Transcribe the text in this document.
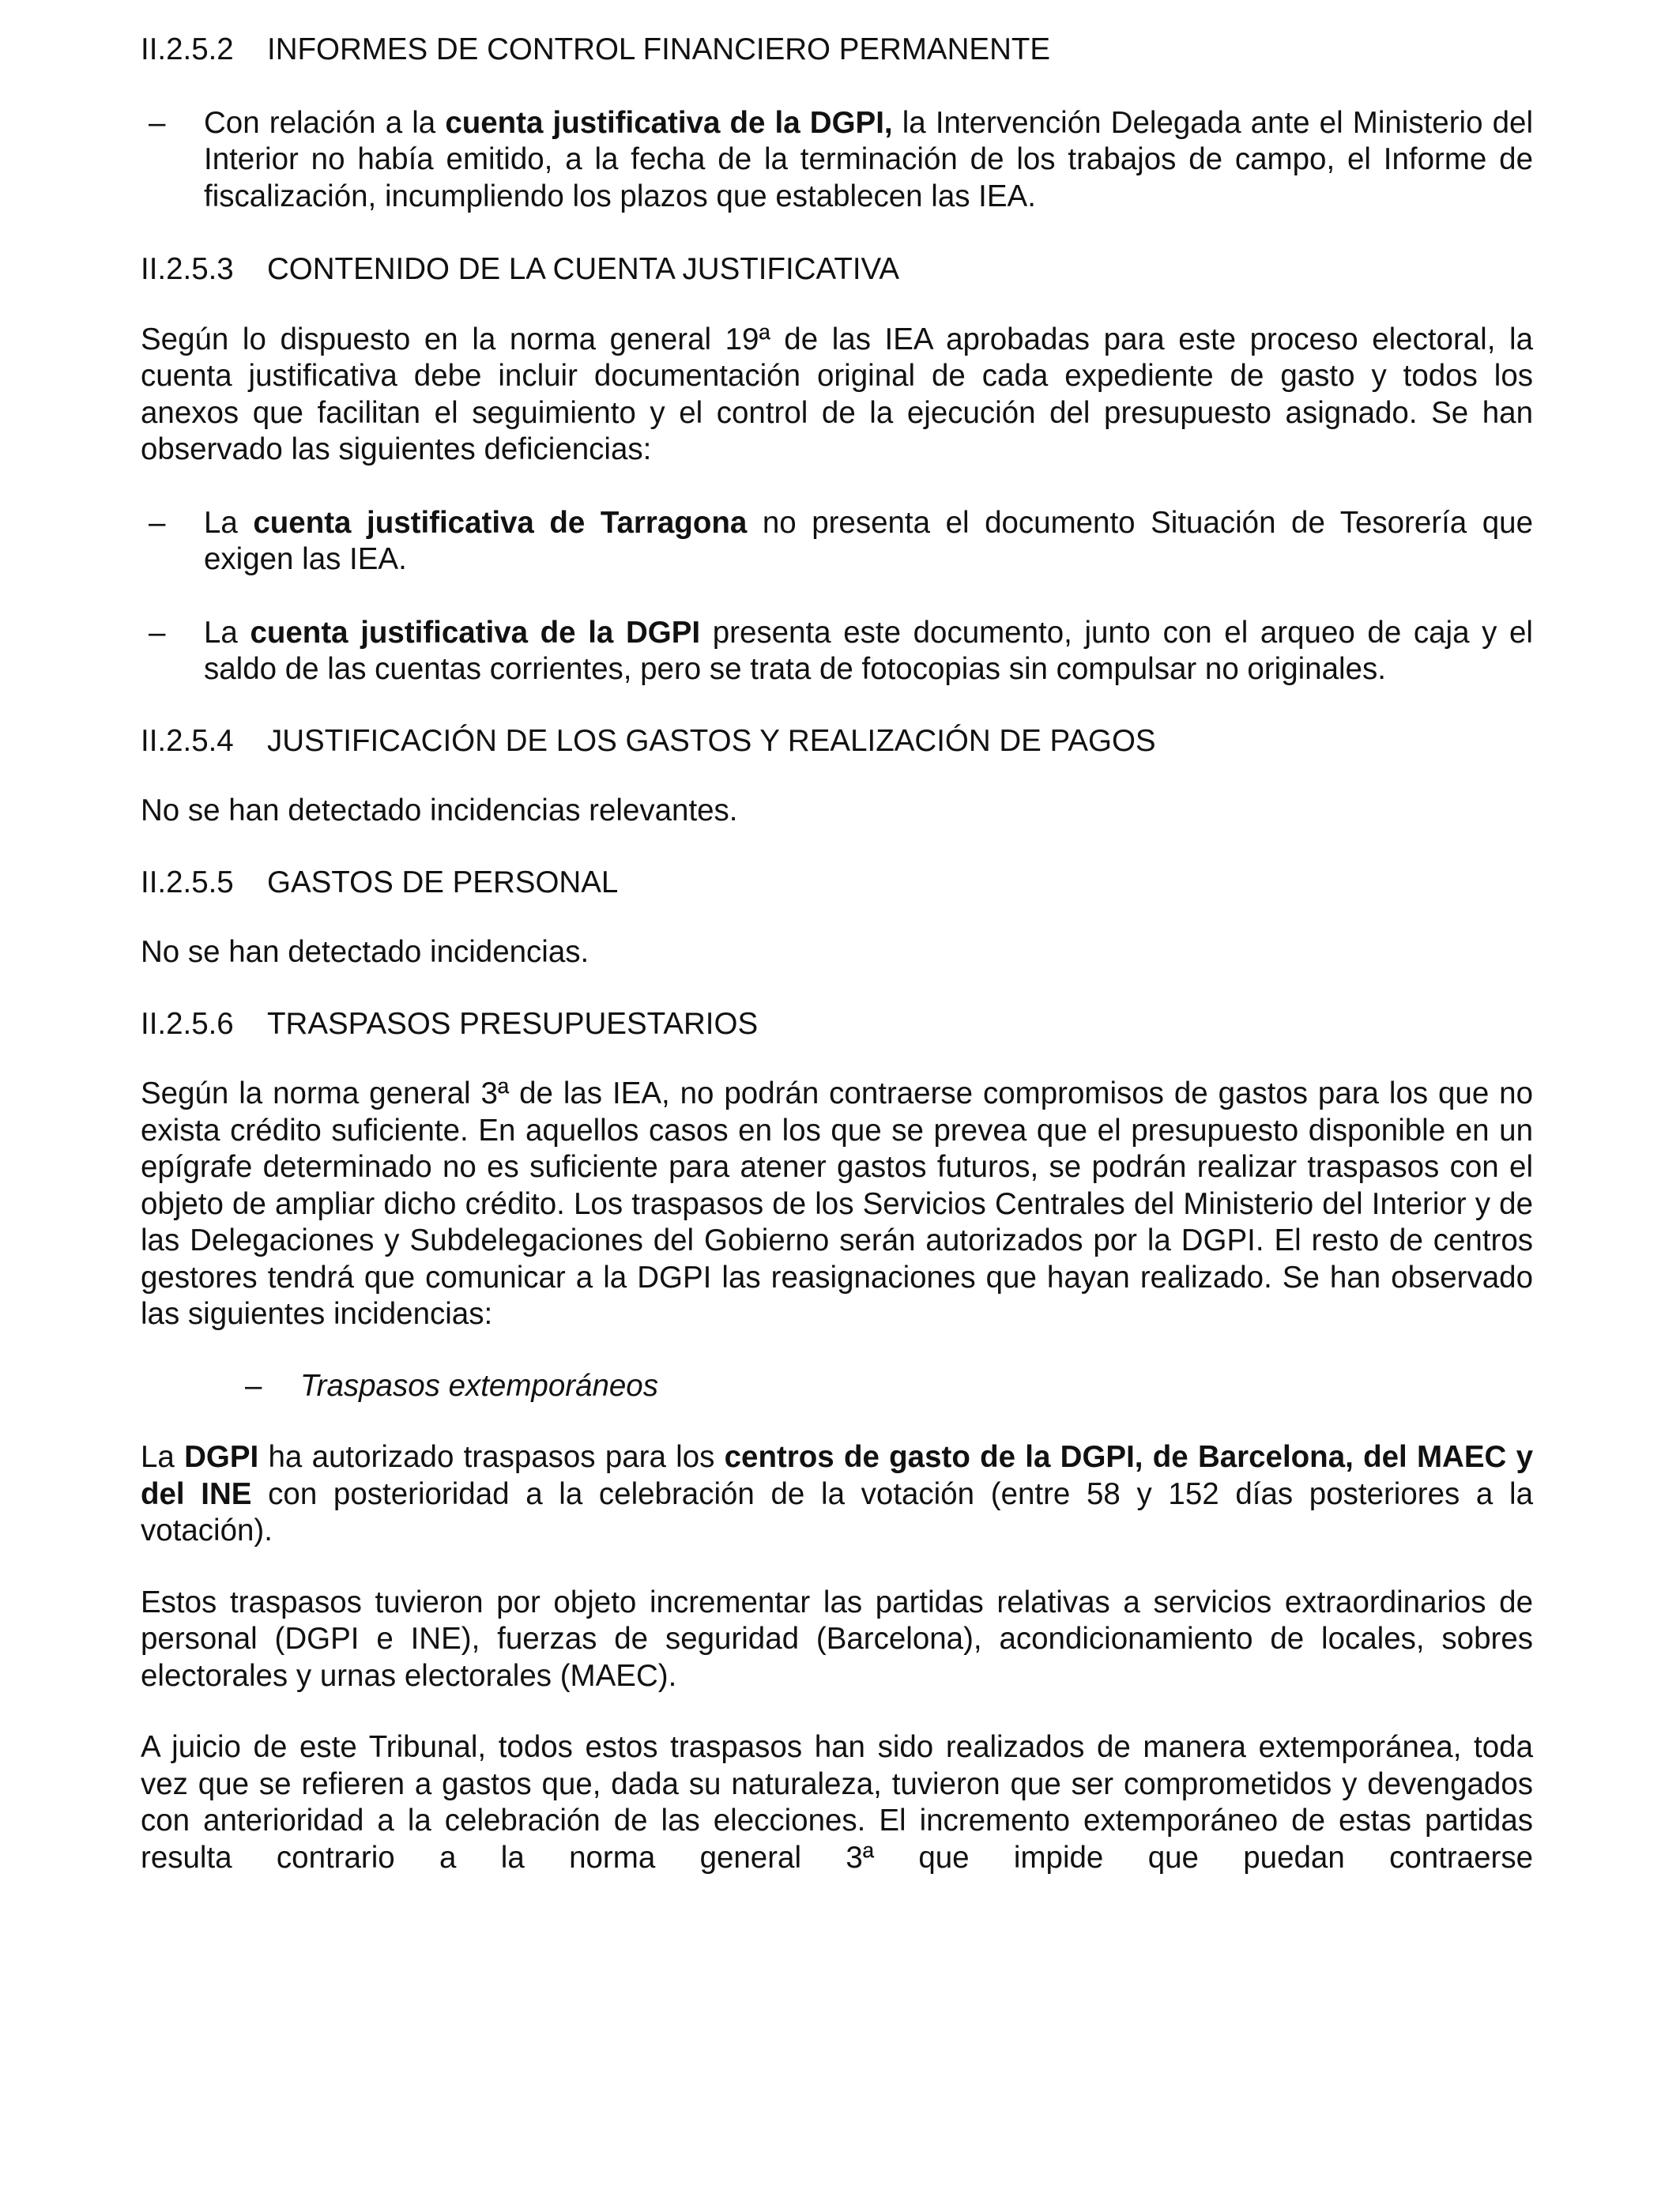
II.2.5.2	INFORMES DE CONTROL FINANCIERO PERMANENTE
–	Con relación a la cuenta justificativa de la DGPI, la Intervención Delegada ante el Ministerio del Interior no había emitido, a la fecha de la terminación de los trabajos de campo, el Informe de fiscalización, incumpliendo los plazos que establecen las IEA.
II.2.5.3	CONTENIDO DE LA CUENTA JUSTIFICATIVA

Según lo dispuesto en la norma general 19ª de las IEA aprobadas para este proceso electoral, la cuenta justificativa debe incluir documentación original de cada expediente de gasto y todos los anexos que facilitan el seguimiento y el control de la ejecución del presupuesto asignado. Se han observado las siguientes deficiencias:

–	La cuenta justificativa de Tarragona no presenta el documento Situación de Tesorería que exigen las IEA.
–	La cuenta justificativa de la DGPI presenta este documento, junto con el arqueo de caja y el saldo de las cuentas corrientes, pero se trata de fotocopias sin compulsar no originales.
II.2.5.4	JUSTIFICACIÓN DE LOS GASTOS Y REALIZACIÓN DE PAGOS

No se han detectado incidencias relevantes.

II.2.5.5	GASTOS DE PERSONAL

No se han detectado incidencias.

II.2.5.6	TRASPASOS PRESUPUESTARIOS

Según la norma general 3ª de las IEA, no podrán contraerse compromisos de gastos para los que no exista crédito suficiente. En aquellos casos en los que se prevea que el presupuesto disponible en un epígrafe determinado no es suficiente para atener gastos futuros, se podrán realizar traspasos con el objeto de ampliar dicho crédito. Los traspasos de los Servicios Centrales del Ministerio del Interior y de las Delegaciones y Subdelegaciones del Gobierno serán autorizados por la DGPI. El resto de centros gestores tendrá que comunicar a la DGPI las reasignaciones que hayan realizado. Se han observado las siguientes incidencias:

–	Traspasos extemporáneos

La DGPI ha autorizado traspasos para los centros de gasto de la DGPI, de Barcelona, del MAEC y del INE con posterioridad a la celebración de la votación (entre 58 y 152 días posteriores a la votación).

Estos traspasos tuvieron por objeto incrementar las partidas relativas a servicios extraordinarios de personal (DGPI e INE), fuerzas de seguridad (Barcelona), acondicionamiento de locales, sobres electorales y urnas electorales (MAEC).

A juicio de este Tribunal, todos estos traspasos han sido realizados de manera extemporánea, toda vez que se refieren a gastos que, dada su naturaleza, tuvieron que ser comprometidos y devengados con anterioridad a la celebración de las elecciones. El incremento extemporáneo de estas partidas resulta contrario a la norma general 3ª que impide que puedan contraerse
